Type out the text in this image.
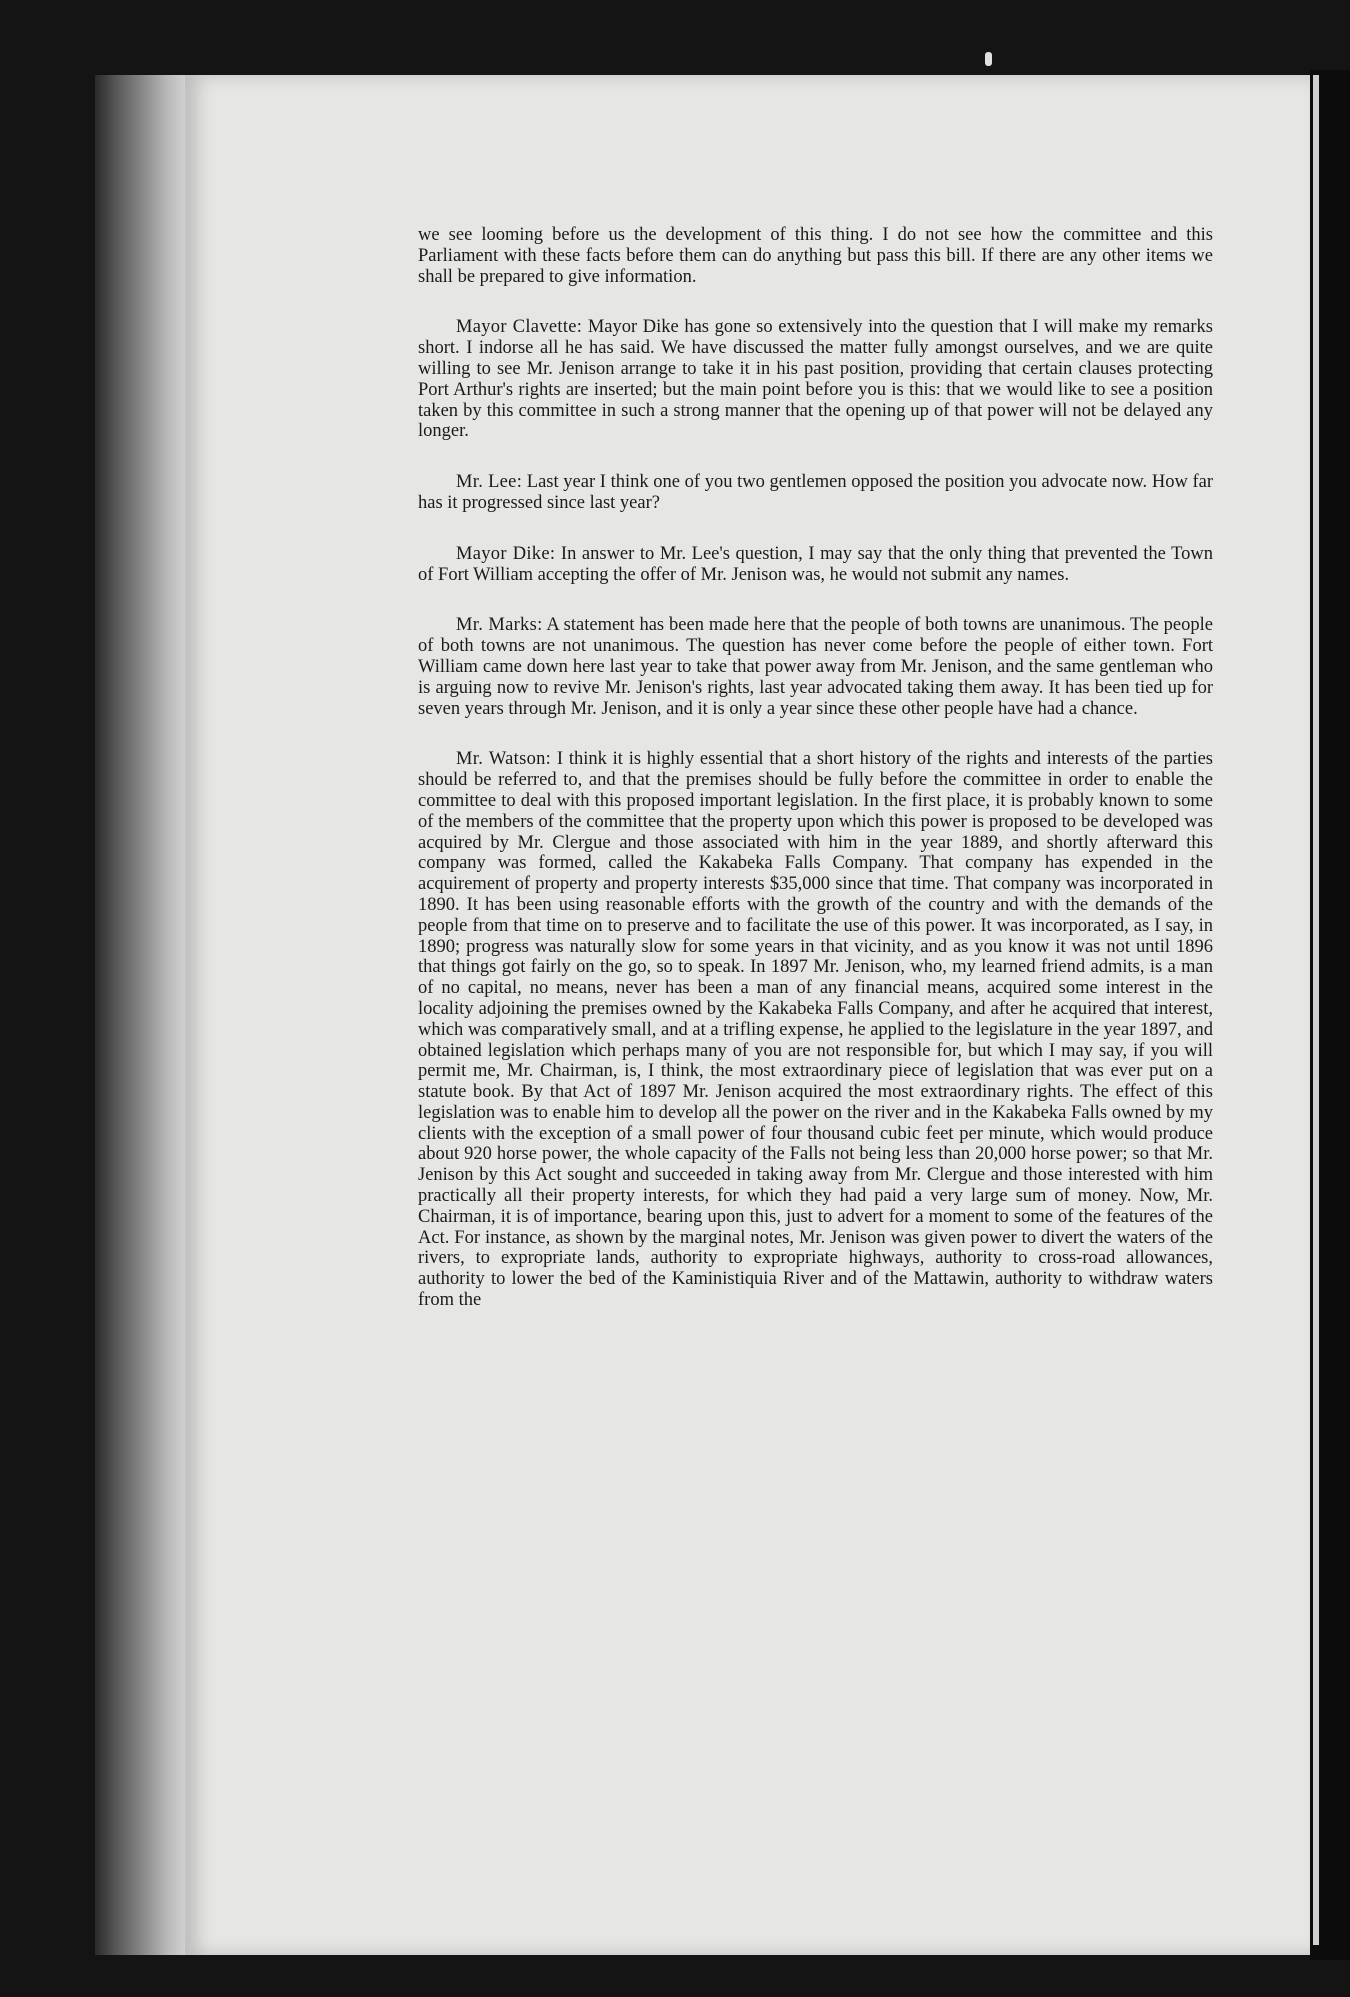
we see looming before us the development of this thing. I do not see how the committee and this Parliament with these facts before them can do anything but pass this bill. If there are any other items we shall be prepared to give information.

Mayor Clavette: Mayor Dike has gone so extensively into the question that I will make my remarks short. I indorse all he has said. We have discussed the matter fully amongst ourselves, and we are quite willing to see Mr. Jenison arrange to take it in his past position, providing that certain clauses protecting Port Arthur's rights are inserted; but the main point before you is this: that we would like to see a position taken by this committee in such a strong manner that the opening up of that power will not be delayed any longer.

Mr. Lee: Last year I think one of you two gentlemen opposed the position you advocate now. How far has it progressed since last year?

Mayor Dike: In answer to Mr. Lee's question, I may say that the only thing that prevented the Town of Fort William accepting the offer of Mr. Jenison was, he would not submit any names.

Mr. Marks: A statement has been made here that the people of both towns are unanimous. The people of both towns are not unanimous. The question has never come before the people of either town. Fort William came down here last year to take that power away from Mr. Jenison, and the same gentleman who is arguing now to revive Mr. Jenison's rights, last year advocated taking them away. It has been tied up for seven years through Mr. Jenison, and it is only a year since these other people have had a chance.

Mr. Watson: I think it is highly essential that a short history of the rights and interests of the parties should be referred to, and that the premises should be fully before the committee in order to enable the committee to deal with this proposed important legislation. In the first place, it is probably known to some of the members of the committee that the property upon which this power is proposed to be developed was acquired by Mr. Clergue and those associated with him in the year 1889, and shortly afterward this company was formed, called the Kakabeka Falls Company. That company has expended in the acquirement of property and property interests $35,000 since that time. That company was incorporated in 1890. It has been using reasonable efforts with the growth of the country and with the demands of the people from that time on to preserve and to facilitate the use of this power. It was incorporated, as I say, in 1890; progress was naturally slow for some years in that vicinity, and as you know it was not until 1896 that things got fairly on the go, so to speak. In 1897 Mr. Jenison, who, my learned friend admits, is a man of no capital, no means, never has been a man of any financial means, acquired some interest in the locality adjoining the premises owned by the Kakabeka Falls Company, and after he acquired that interest, which was comparatively small, and at a trifling expense, he applied to the legislature in the year 1897, and obtained legislation which perhaps many of you are not responsible for, but which I may say, if you will permit me, Mr. Chairman, is, I think, the most extraordinary piece of legislation that was ever put on a statute book. By that Act of 1897 Mr. Jenison acquired the most extraordinary rights. The effect of this legislation was to enable him to develop all the power on the river and in the Kakabeka Falls owned by my clients with the exception of a small power of four thousand cubic feet per minute, which would produce about 920 horse power, the whole capacity of the Falls not being less than 20,000 horse power; so that Mr. Jenison by this Act sought and succeeded in taking away from Mr. Clergue and those interested with him practically all their property interests, for which they had paid a very large sum of money. Now, Mr. Chairman, it is of importance, bearing upon this, just to advert for a moment to some of the features of the Act. For instance, as shown by the marginal notes, Mr. Jenison was given power to divert the waters of the rivers, to expropriate lands, authority to expropriate highways, authority to cross-road allowances, authority to lower the bed of the Kaministiquia River and of the Mattawin, authority to withdraw waters from the
